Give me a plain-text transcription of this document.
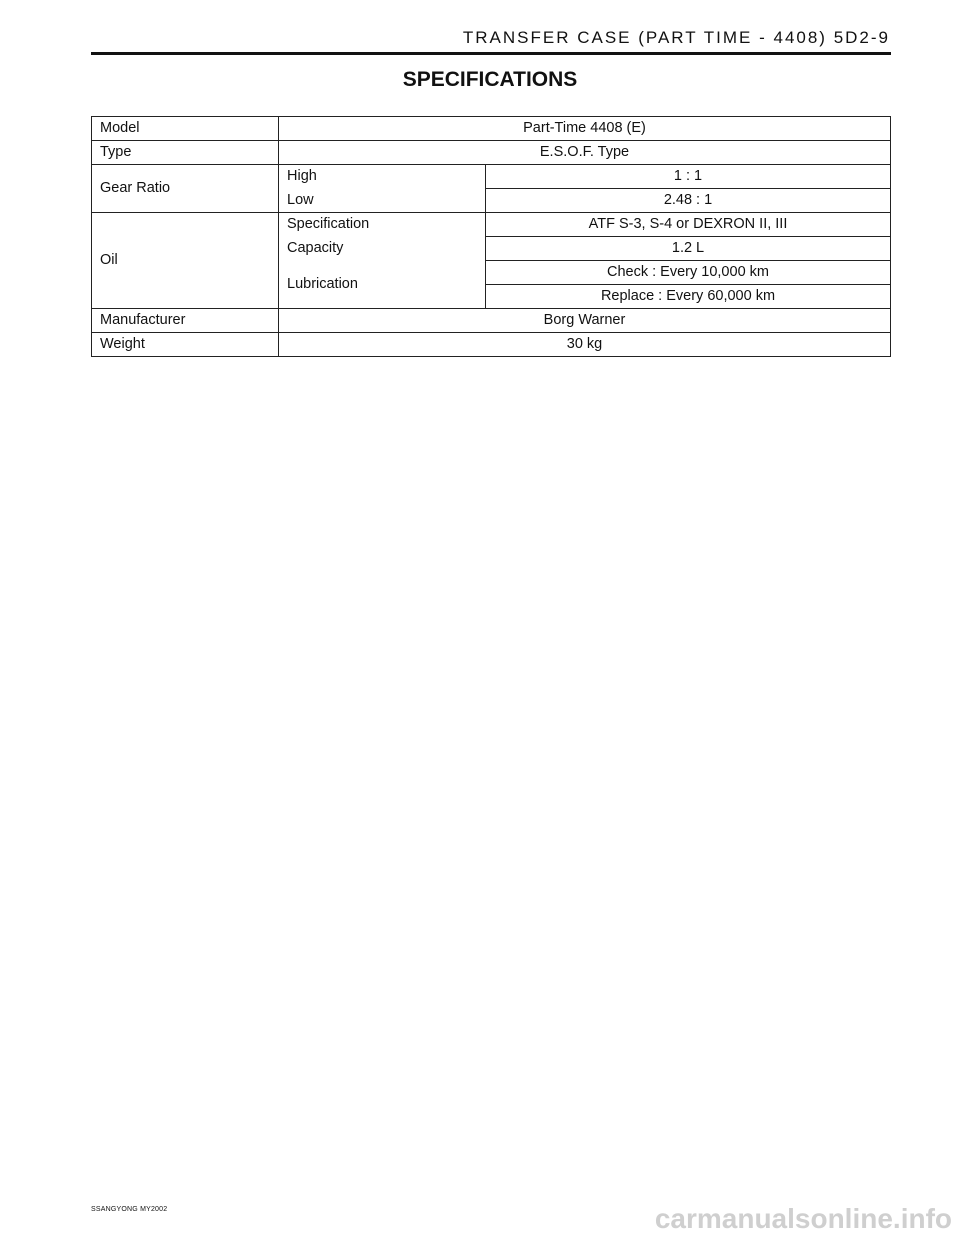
TRANSFER CASE (PART TIME - 4408) 5D2-9
SPECIFICATIONS
Model	Part-Time 4408 (E)	
Type	E.S.O.F. Type	
Gear Ratio	High	1 : 1
	Low	2.48 : 1
Oil	Specification	ATF S-3, S-4 or DEXRON II, III
	Capacity	1.2 L
	Lubrication	Check : Every 10,000 km
		Replace : Every 60,000 km
Manufacturer	Borg Warner	
Weight	30 kg	
SSANGYONG MY2002	carmanualsonline.info
